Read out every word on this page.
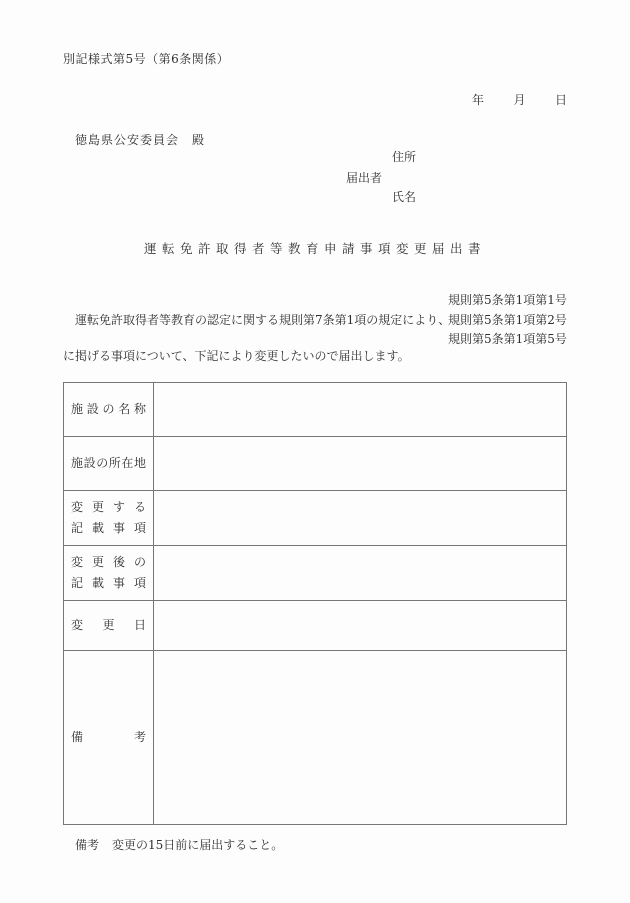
別記様式第5号（第6条関係）
年 月 日
徳島県公安委員会　殿
届出者
住所
氏名
運転免許取得者等教育申請事項変更届出書
運転免許取得者等教育の認定に関する規則第7条第1項の規定により、
規則第5条第1項第1号
規則第5条第1項第2号
規則第5条第1項第5号
に掲げる事項について、下記により変更したいので届出します。
施設の名称
施設の所在地
変更する
記載事項
変更後の
記載事項
変更日
備考
備考 変更の15日前に届出すること。
